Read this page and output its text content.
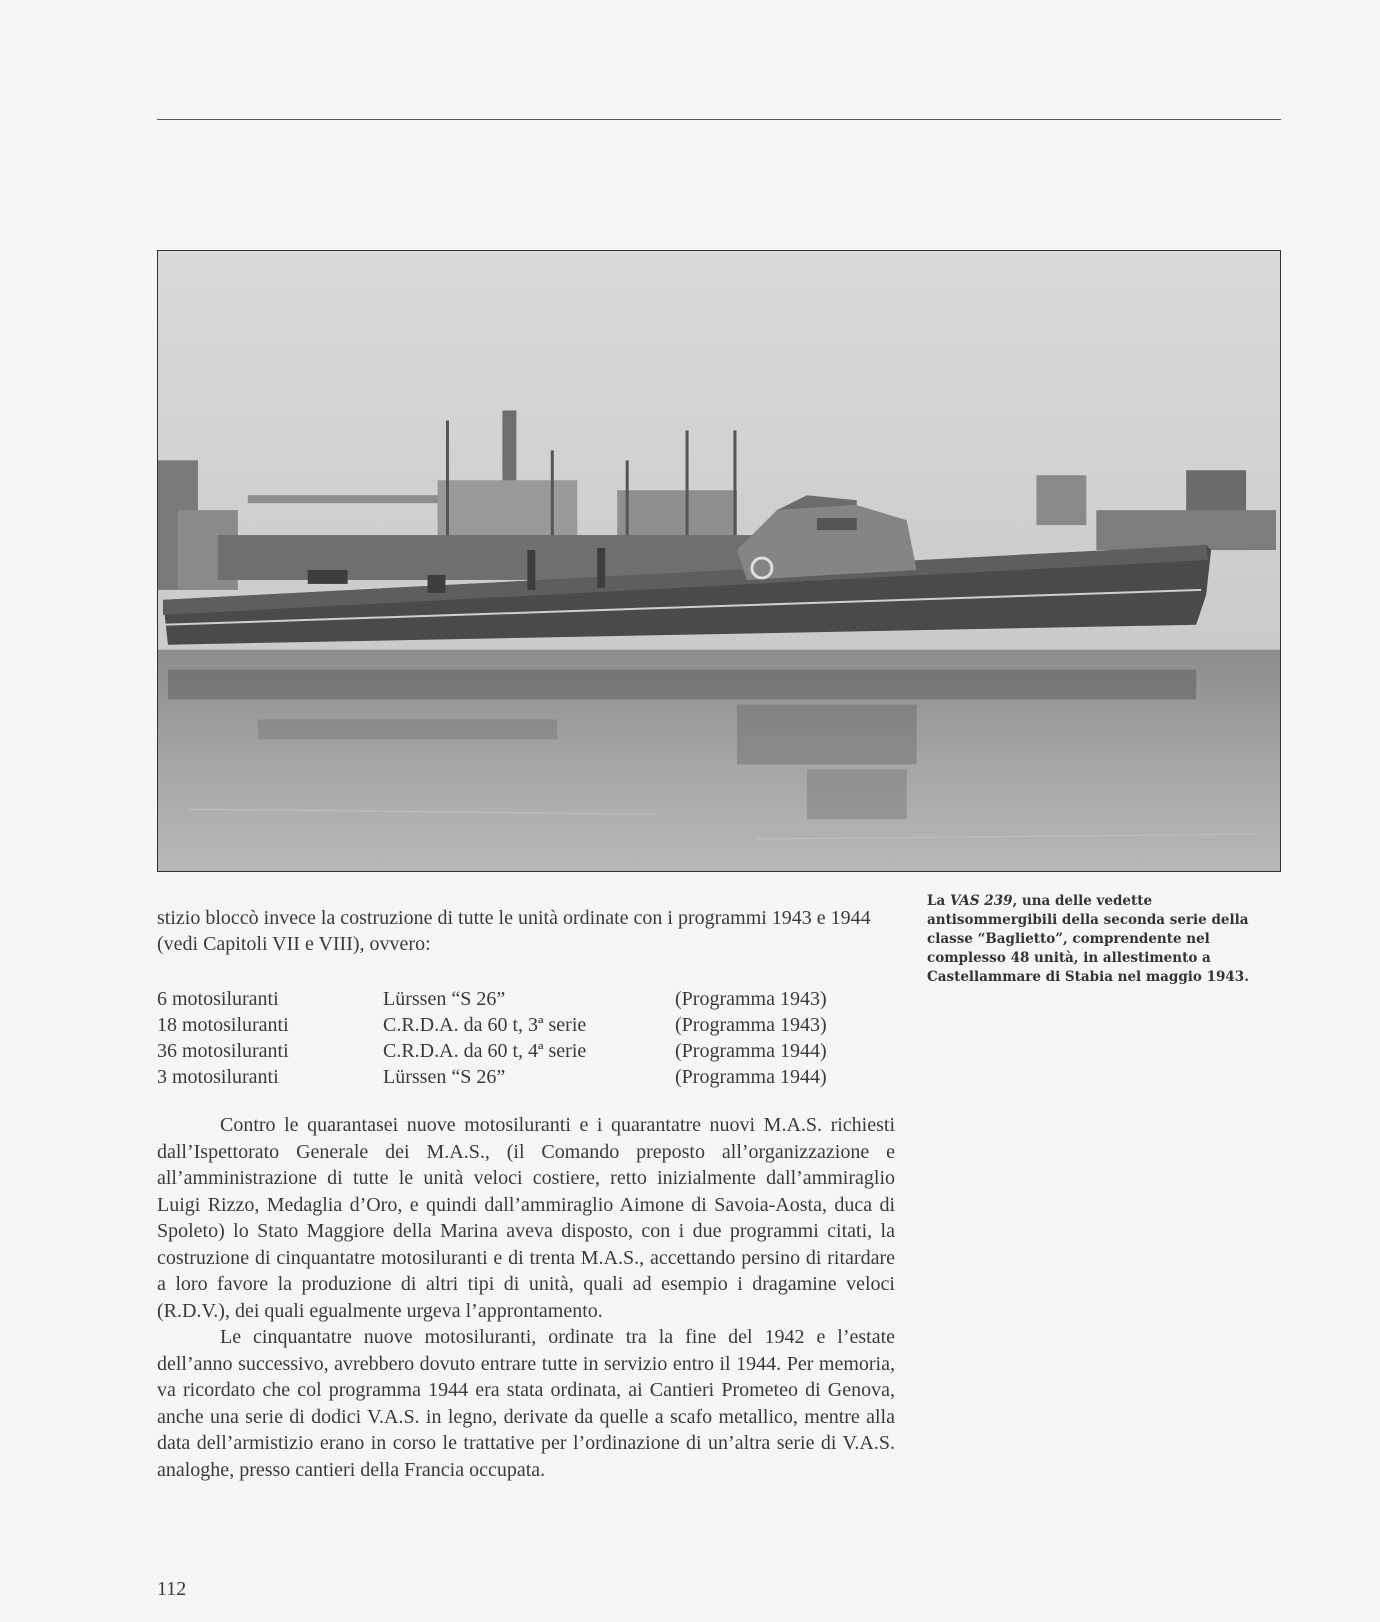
La VAS 239, una delle vedette antisommergibili della seconda serie della classe “Baglietto”, comprendente nel complesso 48 unità, in allestimento a Castellammare di Stabia nel maggio 1943.
stizio bloccò invece la costruzione di tutte le unità ordinate con i programmi 1943 e 1944 (vedi Capitoli VII e VIII), ovvero:
6 motosiluranti	Lürssen “S 26”	(Programma 1943)
18 motosiluranti	C.R.D.A. da 60 t, 3ª serie	(Programma 1943)
36 motosiluranti	C.R.D.A. da 60 t, 4ª serie	(Programma 1944)
3 motosiluranti	Lürssen “S 26”	(Programma 1944)

Contro le quarantasei nuove motosiluranti e i quarantatre nuovi M.A.S. richiesti dall’Ispettorato Generale dei M.A.S., (il Comando preposto all’organizzazione e all’amministrazione di tutte le unità veloci costiere, retto inizialmente dall’ammiraglio Luigi Rizzo, Medaglia d’Oro, e quindi dall’ammiraglio Aimone di Savoia-Aosta, duca di Spoleto) lo Stato Maggiore della Marina aveva disposto, con i due programmi citati, la costruzione di cinquantatre motosiluranti e di trenta M.A.S., accettando persino di ritardare a loro favore la produzione di altri tipi di unità, quali ad esempio i dragamine veloci (R.D.V.), dei quali egualmente urgeva l’approntamento.

Le cinquantatre nuove motosiluranti, ordinate tra la fine del 1942 e l’estate dell’anno successivo, avrebbero dovuto entrare tutte in servizio entro il 1944. Per memoria, va ricordato che col programma 1944 era stata ordinata, ai Cantieri Prometeo di Genova, anche una serie di dodici V.A.S. in legno, derivate da quelle a scafo metallico, mentre alla data dell’armistizio erano in corso le trattative per l’ordinazione di un’altra serie di V.A.S. analoghe, presso cantieri della Francia occupata.

112
